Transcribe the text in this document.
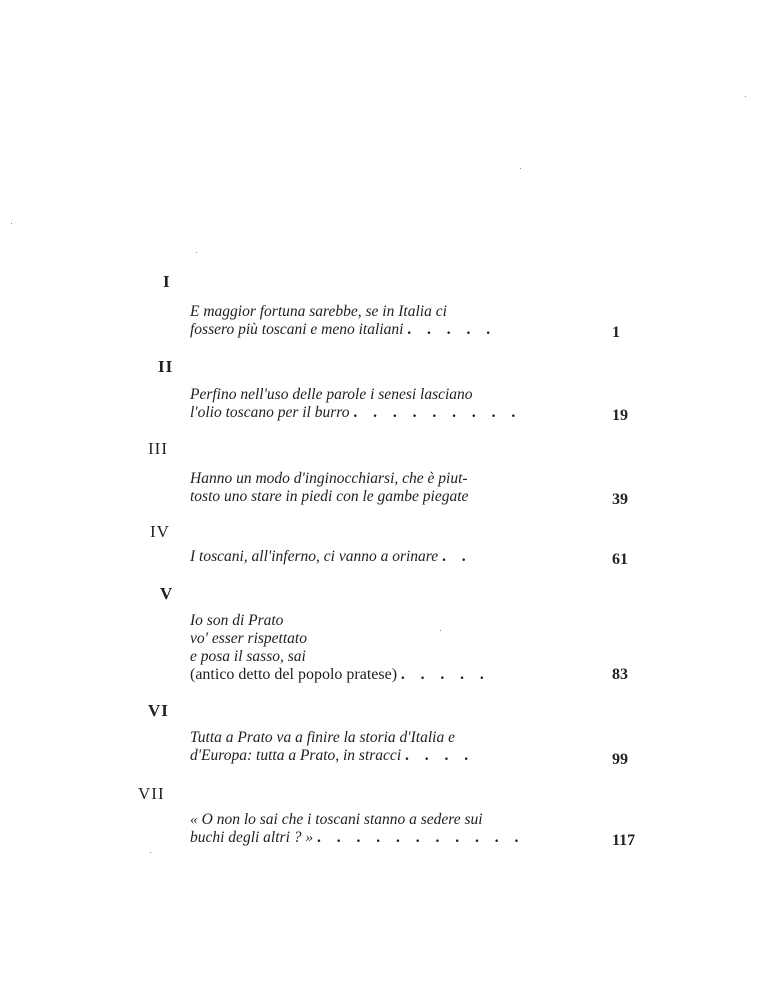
I
E maggior fortuna sarebbe, se in Italia ci
fossero più toscani e meno italiani . . . . .	1
II
Perfino nell'uso delle parole i senesi lasciano
l'olio toscano per il burro . . . . . . . . .	19
III
Hanno un modo d'inginocchiarsi, che è piut-
tosto uno stare in piedi con le gambe piegate	39
IV
I toscani, all'inferno, ci vanno a orinare . .	61
V
Io son di Prato
vo' esser rispettato
e posa il sasso, sai
(antico detto del popolo pratese) . . . . .	83
VI
Tutta a Prato va a finire la storia d'Italia e
d'Europa: tutta a Prato, in stracci . . . .	99
VII
« O non lo sai che i toscani stanno a sedere sui
buchi degli altri ? » . . . . . . . . . . .	117
